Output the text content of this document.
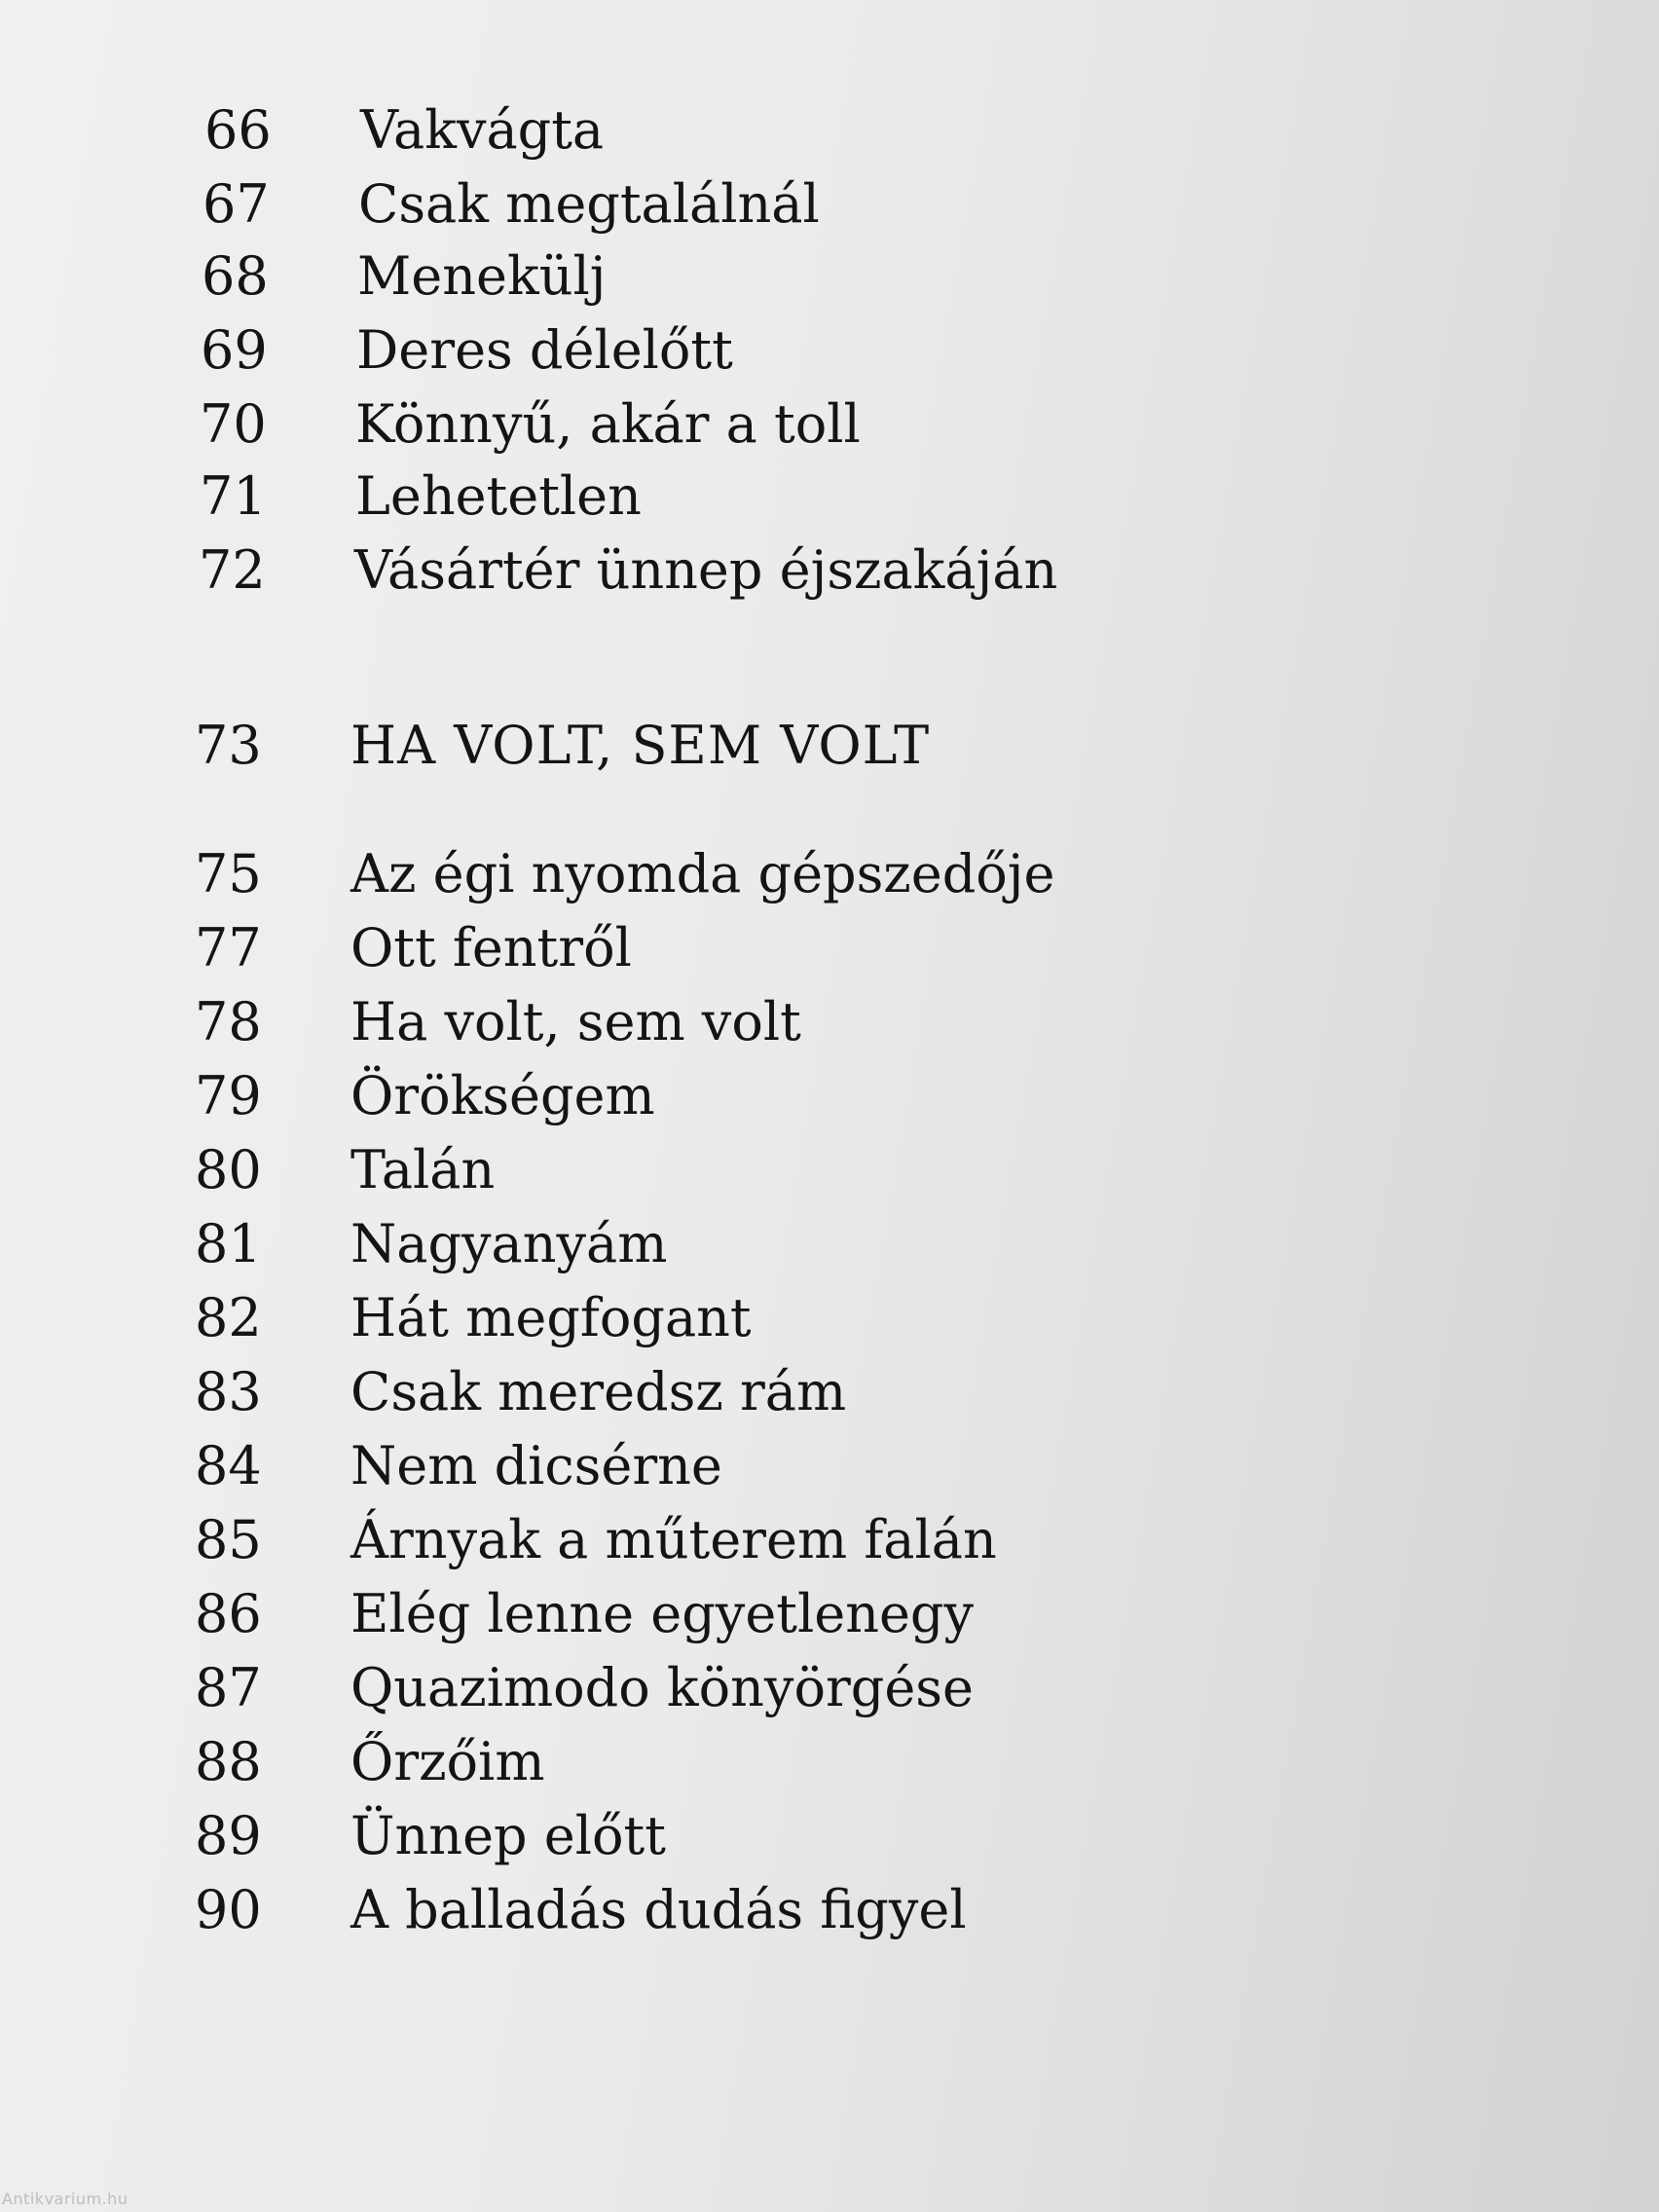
66	Vakvágta
67	Csak megtalálnál
68	Menekülj
69	Deres délelőtt
70	Könnyű, akár a toll
71	Lehetetlen
72	Vásártér ünnep éjszakáján
73	HA VOLT, SEM VOLT
75	Az égi nyomda gépszedője
77	Ott fentről
78	Ha volt, sem volt
79	Örökségem
80	Talán
81	Nagyanyám
82	Hát megfogant
83	Csak meredsz rám
84	Nem dicsérne
85	Árnyak a műterem falán
86	Elég lenne egyetlenegy
87	Quazimodo könyörgése
88	Őrzőim
89	Ünnep előtt
90	A balladás dudás figyel
Antikvarium.hu
